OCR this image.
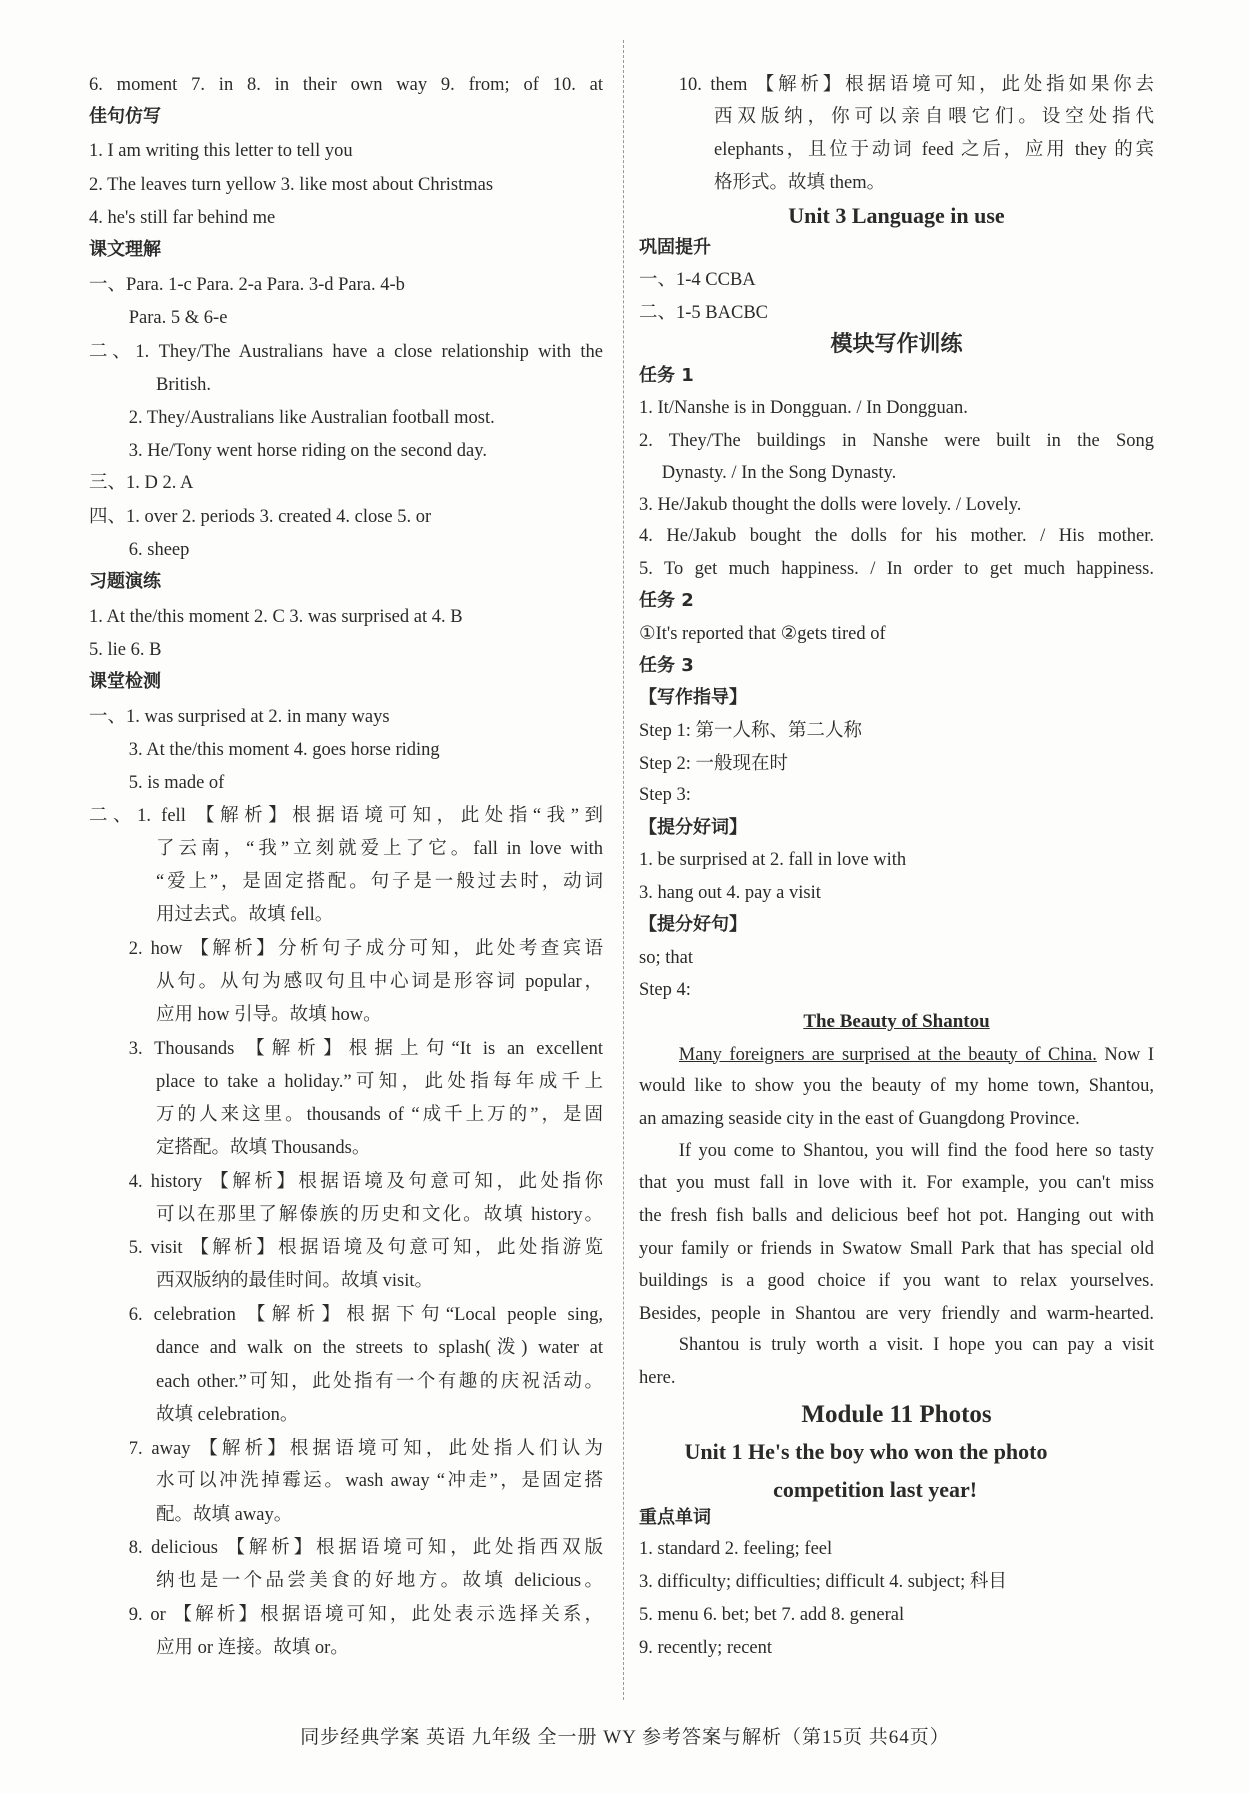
6. moment 7. in 8. in their own way 9. from; of 10. at
佳句仿写
1. I am writing this letter to tell you
2. The leaves turn yellow 3. like most about Christmas
4. he's still far behind me
课文理解
一、Para. 1-c Para. 2-a Para. 3-d Para. 4-b
Para. 5 & 6-e
二、1. They/The Australians have a close relationship with the
British.
2. They/Australians like Australian football most.
3. He/Tony went horse riding on the second day.
三、1. D 2. A
四、1. over 2. periods 3. created 4. close 5. or
6. sheep
习题演练
1. At the/this moment 2. C 3. was surprised at 4. B
5. lie 6. B
课堂检测
一、1. was surprised at 2. in many ways
3. At the/this moment 4. goes horse riding
5. is made of
二、1. fell 【解析】根据语境可知，此处指“我”到
了云南，“我”立刻就爱上了它。fall in love with
“爱上”，是固定搭配。句子是一般过去时，动词
用过去式。故填 fell。
2. how 【解析】分析句子成分可知，此处考查宾语
从句。从句为感叹句且中心词是形容词 popular，
应用 how 引导。故填 how。
3. Thousands 【解析】根据上句“It is an excellent
place to take a holiday.”可知，此处指每年成千上
万的人来这里。thousands of “成千上万的”，是固
定搭配。故填 Thousands。
4. history 【解析】根据语境及句意可知，此处指你
可以在那里了解傣族的历史和文化。故填 history。
5. visit 【解析】根据语境及句意可知，此处指游览
西双版纳的最佳时间。故填 visit。
6. celebration 【解析】根据下句“Local people sing,
dance and walk on the streets to splash(泼) water at
each other.”可知，此处指有一个有趣的庆祝活动。
故填 celebration。
7. away 【解析】根据语境可知，此处指人们认为
水可以冲洗掉霉运。wash away “冲走”，是固定搭
配。故填 away。
8. delicious 【解析】根据语境可知，此处指西双版
纳也是一个品尝美食的好地方。故填 delicious。
9. or 【解析】根据语境可知，此处表示选择关系，
应用 or 连接。故填 or。
10. them 【解析】根据语境可知，此处指如果你去
西双版纳，你可以亲自喂它们。设空处指代
elephants，且位于动词 feed 之后，应用 they 的宾
格形式。故填 them。
Unit 3 Language in use
巩固提升
一、1-4 CCBA
二、1-5 BACBC
模块写作训练
任务 1
1. It/Nanshe is in Dongguan. / In Dongguan.
2. They/The buildings in Nanshe were built in the Song
Dynasty. / In the Song Dynasty.
3. He/Jakub thought the dolls were lovely. / Lovely.
4. He/Jakub bought the dolls for his mother. / His mother.
5. To get much happiness. / In order to get much happiness.
任务 2
①It's reported that ②gets tired of
任务 3
【写作指导】
Step 1: 第一人称、第二人称
Step 2: 一般现在时
Step 3:
【提分好词】
1. be surprised at 2. fall in love with
3. hang out 4. pay a visit
【提分好句】
so; that
Step 4:
The Beauty of Shantou
Many foreigners are surprised at the beauty of China. Now I
would like to show you the beauty of my home town, Shantou,
an amazing seaside city in the east of Guangdong Province.
If you come to Shantou, you will find the food here so tasty
that you must fall in love with it. For example, you can't miss
the fresh fish balls and delicious beef hot pot. Hanging out with
your family or friends in Swatow Small Park that has special old
buildings is a good choice if you want to relax yourselves.
Besides, people in Shantou are very friendly and warm-hearted.
Shantou is truly worth a visit. I hope you can pay a visit
here.
Module 11 Photos
Unit 1 He's the boy who won the photo
competition last year!
重点单词
1. standard 2. feeling; feel
3. difficulty; difficulties; difficult 4. subject; 科目
5. menu 6. bet; bet 7. add 8. general
9. recently; recent
同步经典学案 英语 九年级 全一册 WY 参考答案与解析（第15页 共64页）
